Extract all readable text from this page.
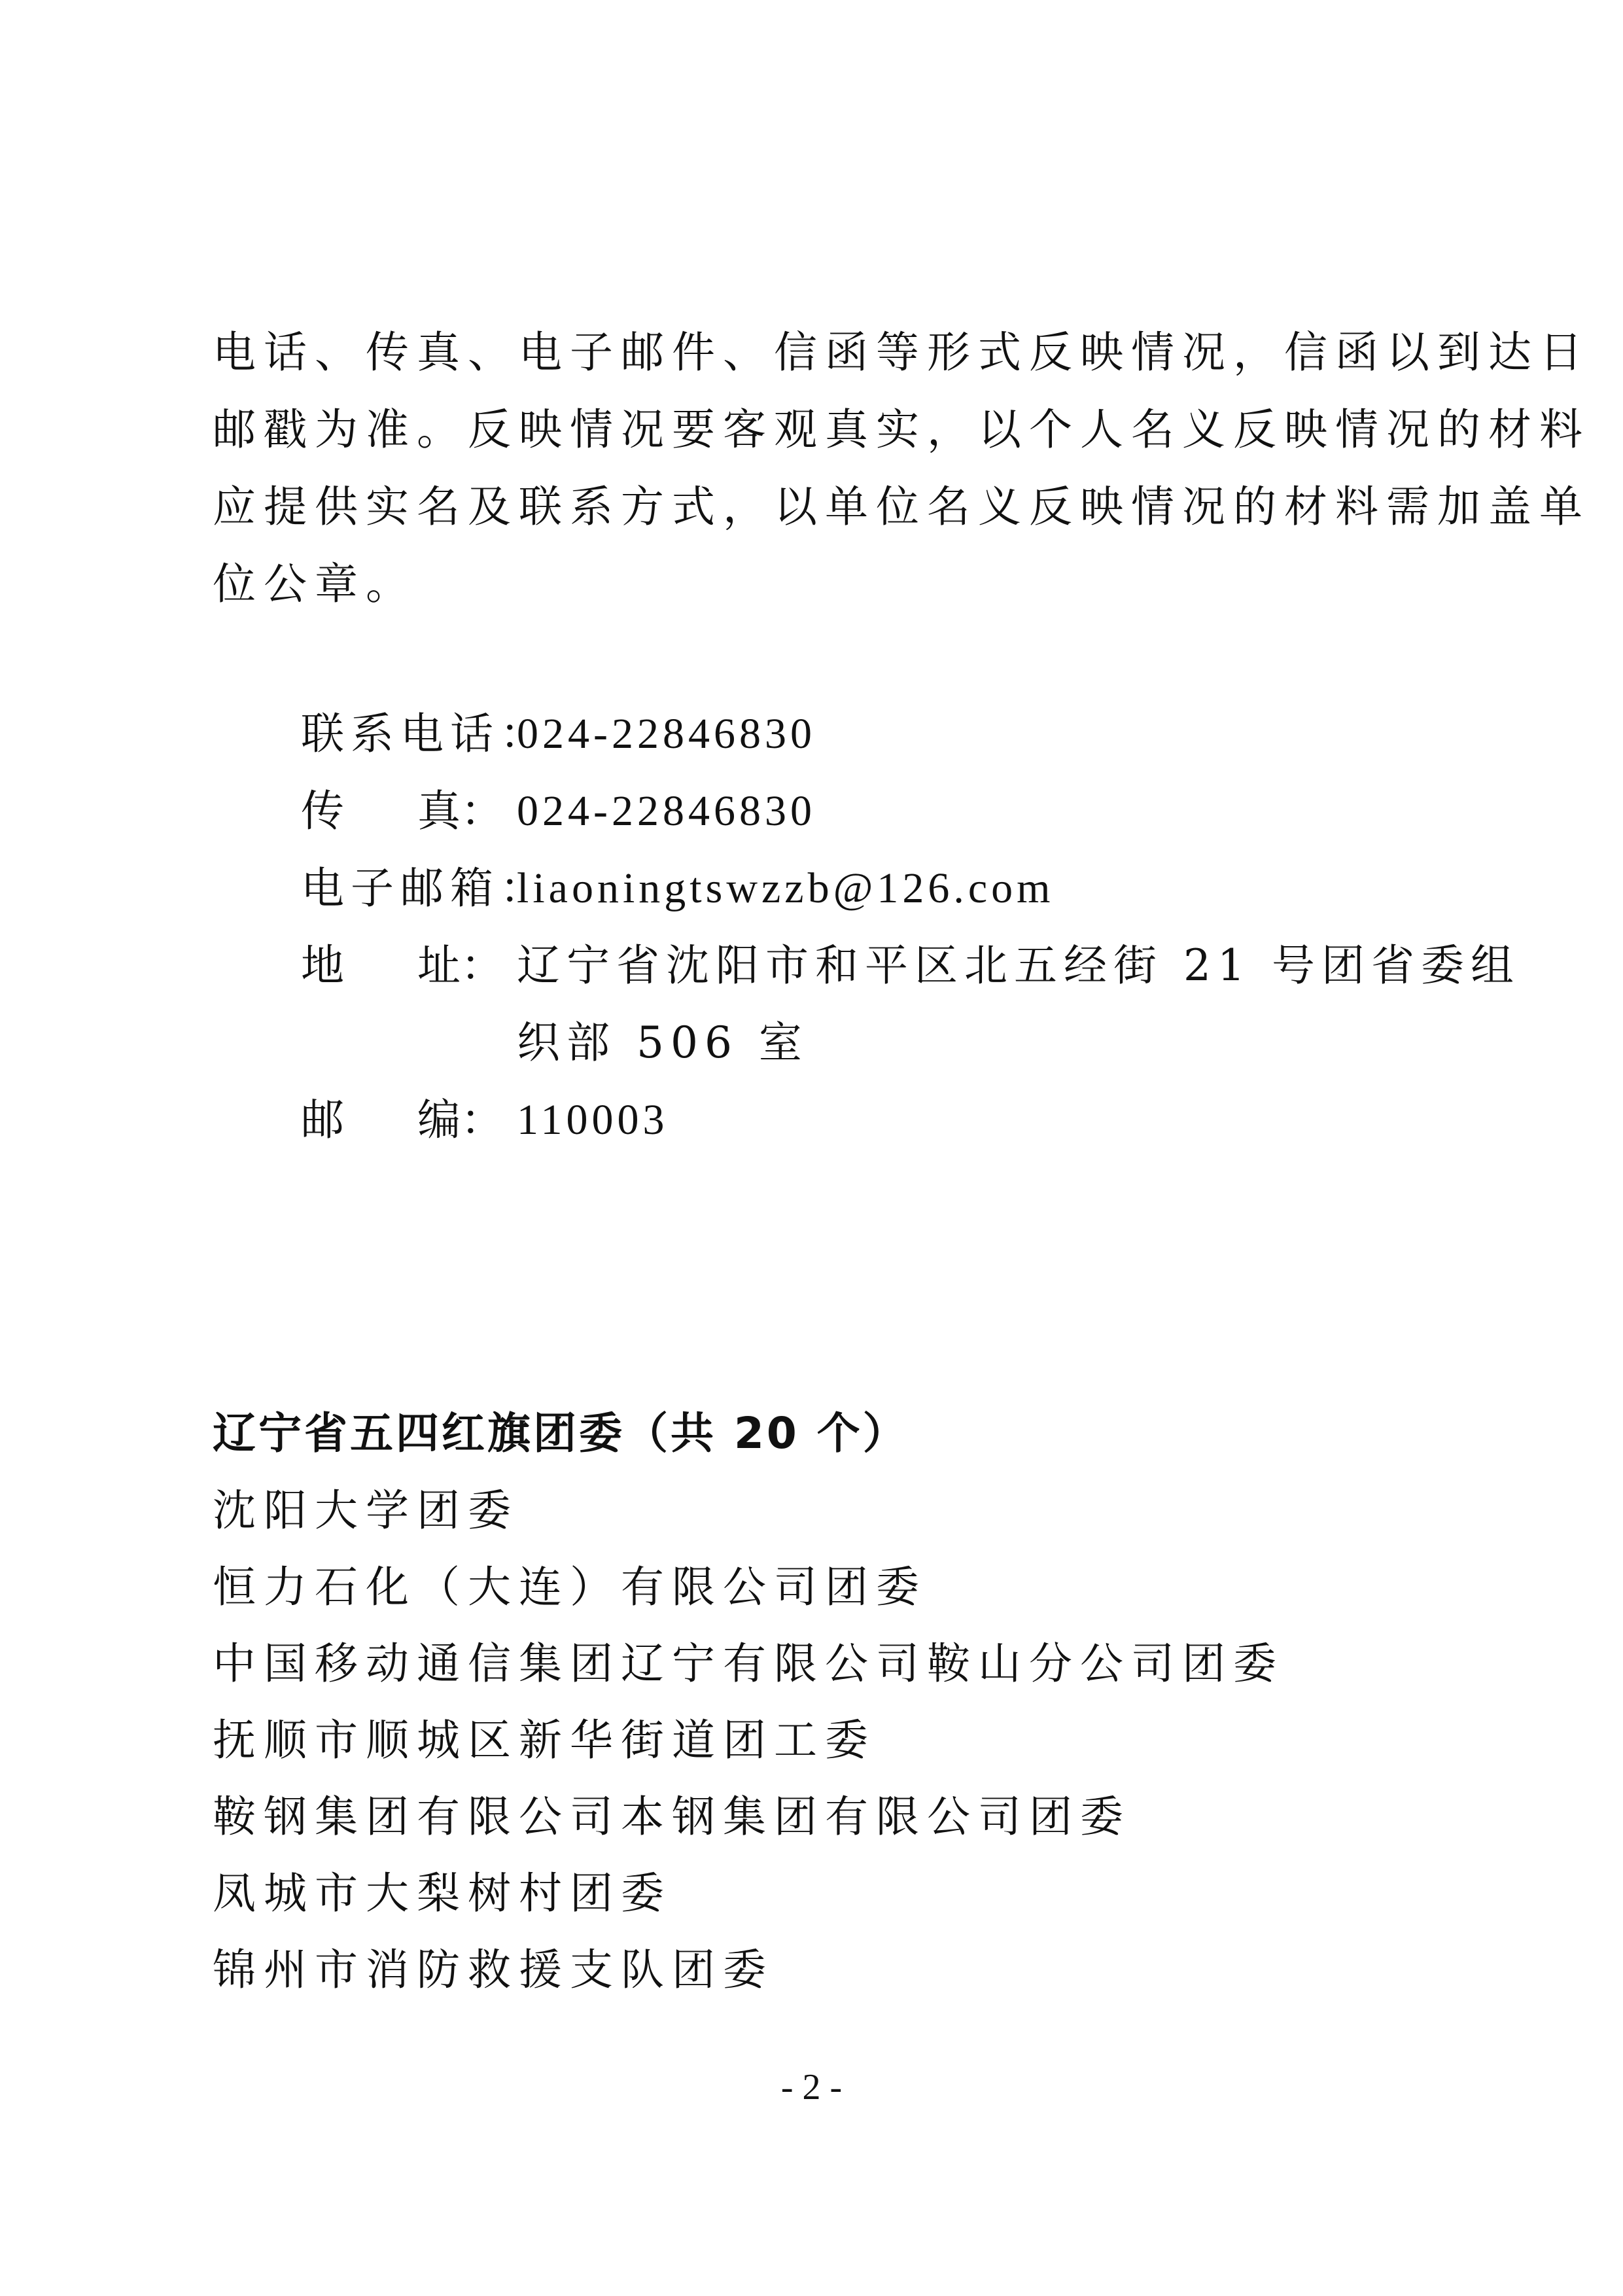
电话、传真、电子邮件、信函等形式反映情况，信函以到达日
邮戳为准。反映情况要客观真实，以个人名义反映情况的材料
应提供实名及联系方式，以单位名义反映情况的材料需加盖单
位公章。
联系电话：
024-22846830
传 真： 024-22846830
电子邮箱：
liaoningtswzzb@126.com
地 址： 辽宁省沈阳市和平区北五经街 21 号团省委组
织部 506 室
邮 编： 110003
辽宁省五四红旗团委（共 20 个）
沈阳大学团委
恒力石化（大连）有限公司团委
中国移动通信集团辽宁有限公司鞍山分公司团委
抚顺市顺城区新华街道团工委
鞍钢集团有限公司本钢集团有限公司团委
凤城市大梨树村团委
锦州市消防救援支队团委
- 2 -
